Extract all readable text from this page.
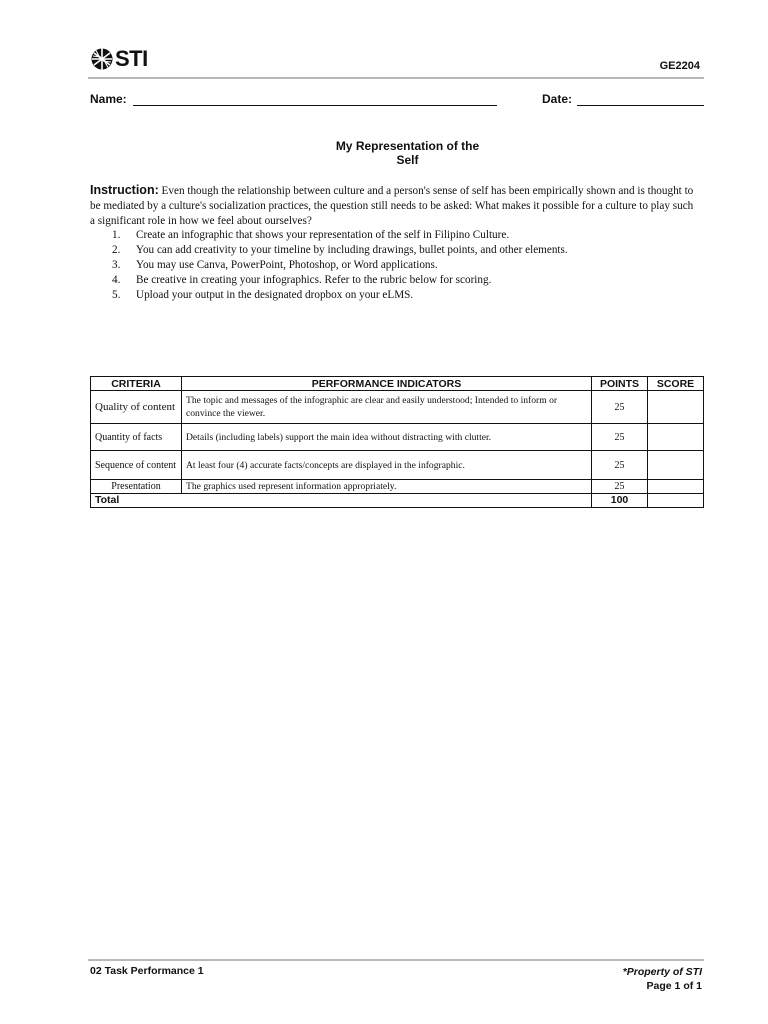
STI	GE2204
Name:	Date:
My Representation of the
Self
Instruction: Even though the relationship between culture and a person's sense of self has been empirically shown and is thought to be mediated by a culture's socialization practices, the question still needs to be asked: What makes it possible for a culture to play such a significant role in how we feel about ourselves?
1. Create an infographic that shows your representation of the self in Filipino Culture.
2. You can add creativity to your timeline by including drawings, bullet points, and other elements.
3. You may use Canva, PowerPoint, Photoshop, or Word applications.
4. Be creative in creating your infographics. Refer to the rubric below for scoring.
5. Upload your output in the designated dropbox on your eLMS.
CRITERIA	PERFORMANCE INDICATORS	POINTS	SCORE
Quality of content	The topic and messages of the infographic are clear and easily understood; Intended to inform or convince the viewer.	25	
Quantity of facts	Details (including labels) support the main idea without distracting with clutter.	25	
Sequence of content	At least four (4) accurate facts/concepts are displayed in the infographic.	25	
Presentation	The graphics used represent information appropriately.	25	
Total		100	
02 Task Performance 1	*Property of STI
Page 1 of 1
